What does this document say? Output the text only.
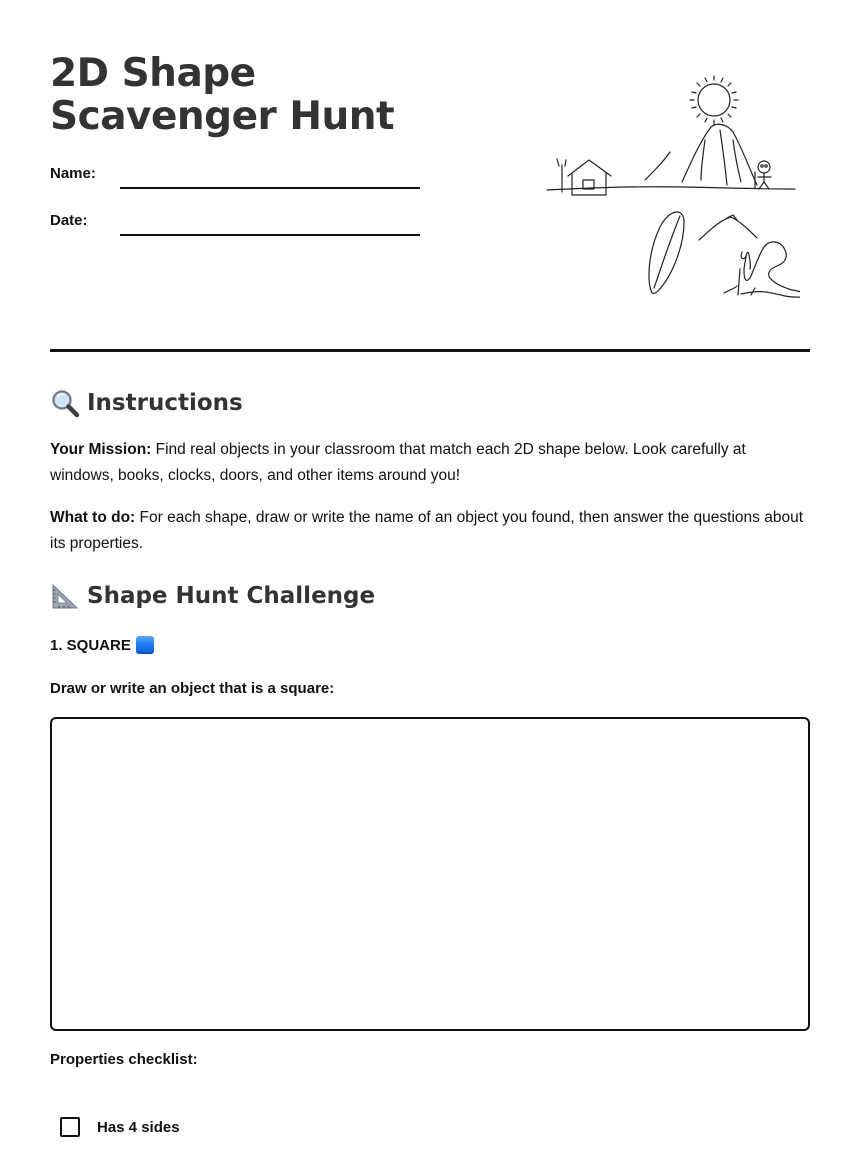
2D Shape Scavenger Hunt
Name:
Date:
Instructions

Your Mission: Find real objects in your classroom that match each 2D shape below. Look carefully at windows, books, clocks, doors, and other items around you!

What to do: For each shape, draw or write the name of an object you found, then answer the questions about its properties.

Shape Hunt Challenge
1. SQUARE
Draw or write an object that is a square:
Properties checklist:
Has 4 sides
